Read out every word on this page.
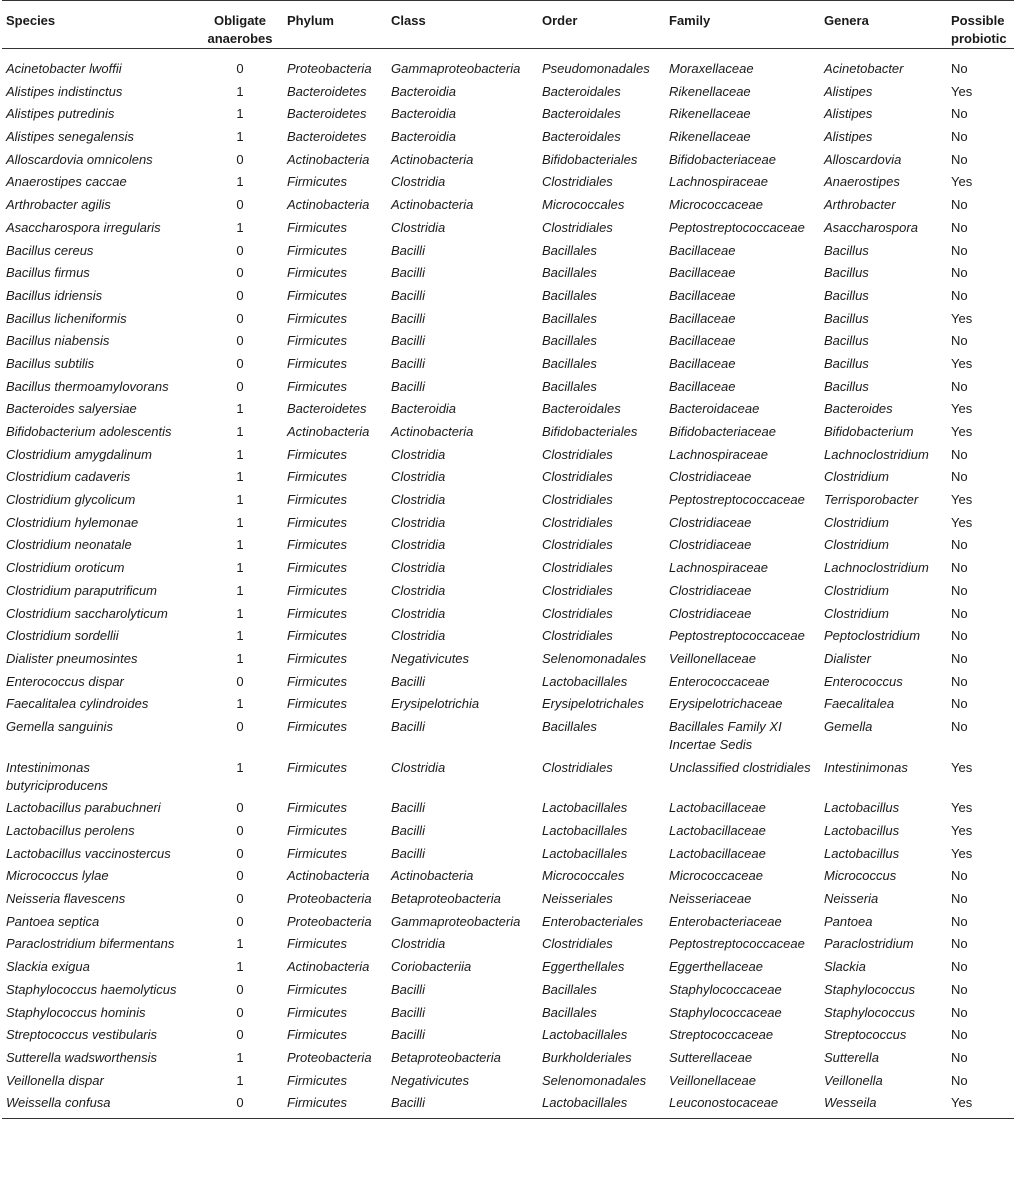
Species	Obligate anaerobes	Phylum	Class	Order	Family	Genera	Possible probiotic
Acinetobacter lwoffii	0	Proteobacteria	Gammaproteobacteria	Pseudomonadales	Moraxellaceae	Acinetobacter	No
Alistipes indistinctus	1	Bacteroidetes	Bacteroidia	Bacteroidales	Rikenellaceae	Alistipes	Yes
Alistipes putredinis	1	Bacteroidetes	Bacteroidia	Bacteroidales	Rikenellaceae	Alistipes	No
Alistipes senegalensis	1	Bacteroidetes	Bacteroidia	Bacteroidales	Rikenellaceae	Alistipes	No
Alloscardovia omnicolens	0	Actinobacteria	Actinobacteria	Bifidobacteriales	Bifidobacteriaceae	Alloscardovia	No
Anaerostipes caccae	1	Firmicutes	Clostridia	Clostridiales	Lachnospiraceae	Anaerostipes	Yes
Arthrobacter agilis	0	Actinobacteria	Actinobacteria	Micrococcales	Micrococcaceae	Arthrobacter	No
Asaccharospora irregularis	1	Firmicutes	Clostridia	Clostridiales	Peptostreptococcaceae	Asaccharospora	No
Bacillus cereus	0	Firmicutes	Bacilli	Bacillales	Bacillaceae	Bacillus	No
Bacillus firmus	0	Firmicutes	Bacilli	Bacillales	Bacillaceae	Bacillus	No
Bacillus idriensis	0	Firmicutes	Bacilli	Bacillales	Bacillaceae	Bacillus	No
Bacillus licheniformis	0	Firmicutes	Bacilli	Bacillales	Bacillaceae	Bacillus	Yes
Bacillus niabensis	0	Firmicutes	Bacilli	Bacillales	Bacillaceae	Bacillus	No
Bacillus subtilis	0	Firmicutes	Bacilli	Bacillales	Bacillaceae	Bacillus	Yes
Bacillus thermoamylovorans	0	Firmicutes	Bacilli	Bacillales	Bacillaceae	Bacillus	No
Bacteroides salyersiae	1	Bacteroidetes	Bacteroidia	Bacteroidales	Bacteroidaceae	Bacteroides	Yes
Bifidobacterium adolescentis	1	Actinobacteria	Actinobacteria	Bifidobacteriales	Bifidobacteriaceae	Bifidobacterium	Yes
Clostridium amygdalinum	1	Firmicutes	Clostridia	Clostridiales	Lachnospiraceae	Lachnoclostridium	No
Clostridium cadaveris	1	Firmicutes	Clostridia	Clostridiales	Clostridiaceae	Clostridium	No
Clostridium glycolicum	1	Firmicutes	Clostridia	Clostridiales	Peptostreptococcaceae	Terrisporobacter	Yes
Clostridium hylemonae	1	Firmicutes	Clostridia	Clostridiales	Clostridiaceae	Clostridium	Yes
Clostridium neonatale	1	Firmicutes	Clostridia	Clostridiales	Clostridiaceae	Clostridium	No
Clostridium oroticum	1	Firmicutes	Clostridia	Clostridiales	Lachnospiraceae	Lachnoclostridium	No
Clostridium paraputrificum	1	Firmicutes	Clostridia	Clostridiales	Clostridiaceae	Clostridium	No
Clostridium saccharolyticum	1	Firmicutes	Clostridia	Clostridiales	Clostridiaceae	Clostridium	No
Clostridium sordellii	1	Firmicutes	Clostridia	Clostridiales	Peptostreptococcaceae	Peptoclostridium	No
Dialister pneumosintes	1	Firmicutes	Negativicutes	Selenomonadales	Veillonellaceae	Dialister	No
Enterococcus dispar	0	Firmicutes	Bacilli	Lactobacillales	Enterococcaceae	Enterococcus	No
Faecalitalea cylindroides	1	Firmicutes	Erysipelotrichia	Erysipelotrichales	Erysipelotrichaceae	Faecalitalea	No
Gemella sanguinis	0	Firmicutes	Bacilli	Bacillales	Bacillales Family XI Incertae Sedis	Gemella	No
Intestinimonas butyriciproducens	1	Firmicutes	Clostridia	Clostridiales	Unclassified clostridiales	Intestinimonas	Yes
Lactobacillus parabuchneri	0	Firmicutes	Bacilli	Lactobacillales	Lactobacillaceae	Lactobacillus	Yes
Lactobacillus perolens	0	Firmicutes	Bacilli	Lactobacillales	Lactobacillaceae	Lactobacillus	Yes
Lactobacillus vaccinostercus	0	Firmicutes	Bacilli	Lactobacillales	Lactobacillaceae	Lactobacillus	Yes
Micrococcus lylae	0	Actinobacteria	Actinobacteria	Micrococcales	Micrococcaceae	Micrococcus	No
Neisseria flavescens	0	Proteobacteria	Betaproteobacteria	Neisseriales	Neisseriaceae	Neisseria	No
Pantoea septica	0	Proteobacteria	Gammaproteobacteria	Enterobacteriales	Enterobacteriaceae	Pantoea	No
Paraclostridium bifermentans	1	Firmicutes	Clostridia	Clostridiales	Peptostreptococcaceae	Paraclostridium	No
Slackia exigua	1	Actinobacteria	Coriobacteriia	Eggerthellales	Eggerthellaceae	Slackia	No
Staphylococcus haemolyticus	0	Firmicutes	Bacilli	Bacillales	Staphylococcaceae	Staphylococcus	No
Staphylococcus hominis	0	Firmicutes	Bacilli	Bacillales	Staphylococcaceae	Staphylococcus	No
Streptococcus vestibularis	0	Firmicutes	Bacilli	Lactobacillales	Streptococcaceae	Streptococcus	No
Sutterella wadsworthensis	1	Proteobacteria	Betaproteobacteria	Burkholderiales	Sutterellaceae	Sutterella	No
Veillonella dispar	1	Firmicutes	Negativicutes	Selenomonadales	Veillonellaceae	Veillonella	No
Weissella confusa	0	Firmicutes	Bacilli	Lactobacillales	Leuconostocaceae	Wesseila	Yes
